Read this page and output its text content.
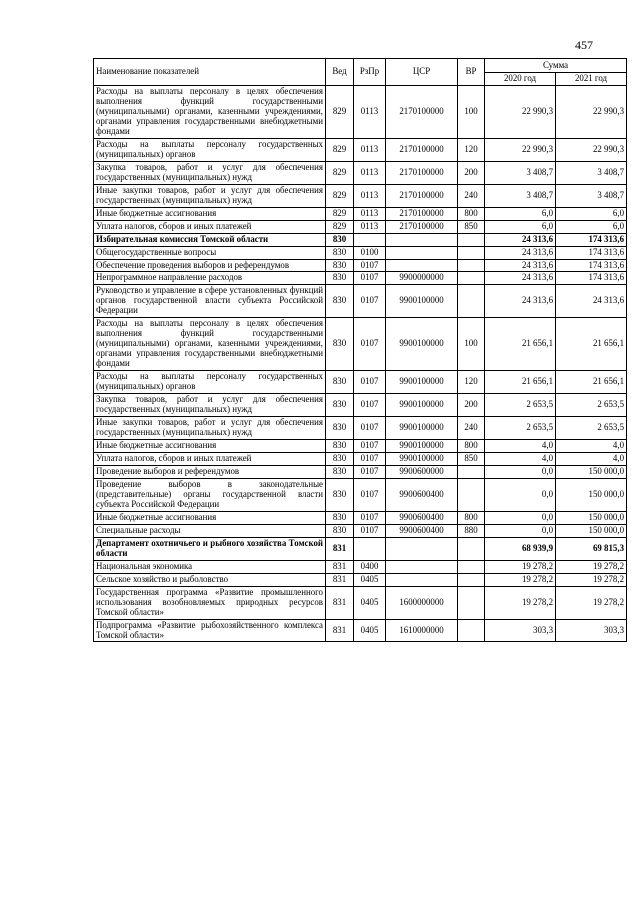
457
Наименование показателей	Вед	РзПр	ЦСР	ВР	Сумма	
					2020 год	2021 год
Расходы на выплаты персоналу в целях обеспечения выполнения функций государственными (муниципальными) органами, казенными учреждениями, органами управления государственными внебюджетными фондами	829	0113	2170100000	100	22 990,3	22 990,3
Расходы на выплаты персоналу государственных (муниципальных) органов	829	0113	2170100000	120	22 990,3	22 990,3
Закупка товаров, работ и услуг для обеспечения государственных (муниципальных) нужд	829	0113	2170100000	200	3 408,7	3 408,7
Иные закупки товаров, работ и услуг для обеспечения государственных (муниципальных) нужд	829	0113	2170100000	240	3 408,7	3 408,7
Иные бюджетные ассигнования	829	0113	2170100000	800	6,0	6,0
Уплата налогов, сборов и иных платежей	829	0113	2170100000	850	6,0	6,0
Избирательная комиссия Томской области	830				24 313,6	174 313,6
Общегосударственные вопросы	830	0100			24 313,6	174 313,6
Обеспечение проведения выборов и референдумов	830	0107			24 313,6	174 313,6
Непрограммное направление расходов	830	0107	9900000000		24 313,6	174 313,6
Руководство и управление в сфере установленных функций органов государственной власти субъекта Российской Федерации	830	0107	9900100000		24 313,6	24 313,6
Расходы на выплаты персоналу в целях обеспечения выполнения функций государственными (муниципальными) органами, казенными учреждениями, органами управления государственными внебюджетными фондами	830	0107	9900100000	100	21 656,1	21 656,1
Расходы на выплаты персоналу государственных (муниципальных) органов	830	0107	9900100000	120	21 656,1	21 656,1
Закупка товаров, работ и услуг для обеспечения государственных (муниципальных) нужд	830	0107	9900100000	200	2 653,5	2 653,5
Иные закупки товаров, работ и услуг для обеспечения государственных (муниципальных) нужд	830	0107	9900100000	240	2 653,5	2 653,5
Иные бюджетные ассигнования	830	0107	9900100000	800	4,0	4,0
Уплата налогов, сборов и иных платежей	830	0107	9900100000	850	4,0	4,0
Проведение выборов и референдумов	830	0107	9900600000		0,0	150 000,0
Проведение выборов в законодательные (представительные) органы государственной власти субъекта Российской Федерации	830	0107	9900600400		0,0	150 000,0
Иные бюджетные ассигнования	830	0107	9900600400	800	0,0	150 000,0
Специальные расходы	830	0107	9900600400	880	0,0	150 000,0
Департамент охотничьего и рыбного хозяйства Томской области	831				68 939,9	69 815,3
Национальная экономика	831	0400			19 278,2	19 278,2
Сельское хозяйство и рыболовство	831	0405			19 278,2	19 278,2
Государственная программа «Развитие промышленного использования возобновляемых природных ресурсов Томской области»	831	0405	1600000000		19 278,2	19 278,2
Подпрограмма «Развитие рыбохозяйственного комплекса Томской области»	831	0405	1610000000		303,3	303,3
